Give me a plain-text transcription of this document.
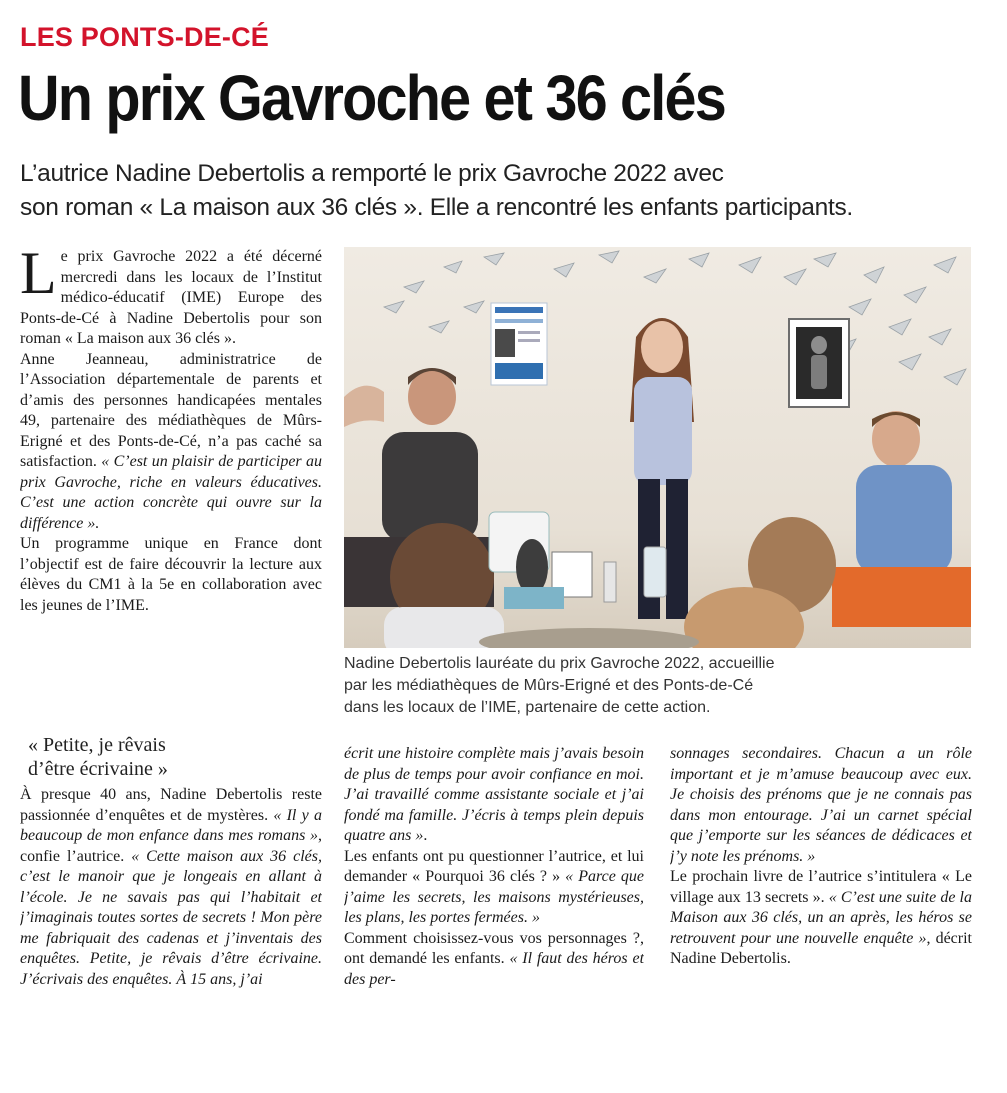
LES PONTS-DE-CÉ
Un prix Gavroche et 36 clés
L’autrice Nadine Debertolis a remporté le prix Gavroche 2022 avec
son roman « La maison aux 36 clés ». Elle a rencontré les enfants participants.
L e prix Gavroche 2022 a été décerné mercredi dans les locaux de l’Institut médico-éducatif (IME) Europe des Ponts-de-Cé à Nadine Debertolis pour son roman « La maison aux 36 clés ».

Anne Jeanneau, administratrice de l’Association départementale de parents et d’amis des personnes handicapées mentales 49, partenaire des médiathèques de Mûrs-Erigné et des Ponts-de-Cé, n’a pas caché sa satisfaction. « C’est un plaisir de participer au prix Gavroche, riche en valeurs éducatives. C’est une action concrète qui ouvre sur la différence ».

Un programme unique en France dont l’objectif est de faire découvrir la lecture aux élèves du CM1 à la 5e en collaboration avec les jeunes de l’IME.

Nadine Debertolis lauréate du prix Gavroche 2022, accueillie
par les médiathèques de Mûrs-Erigné et des Ponts-de-Cé
dans les locaux de l’IME, partenaire de cette action.
« Petite, je rêvais
d’être écrivaine »

À presque 40 ans, Nadine Debertolis reste passionnée d’enquêtes et de mystères. « Il y a beaucoup de mon enfance dans mes romans », confie l’autrice. « Cette maison aux 36 clés, c’est le manoir que je longeais en allant à l’école. Je ne savais pas qui l’habitait et j’imaginais toutes sortes de secrets ! Mon père me fabriquait des cadenas et j’inventais des enquêtes. Petite, je rêvais d’être écrivaine. J’écrivais des enquêtes. À 15 ans, j’ai

écrit une histoire complète mais j’avais besoin de plus de temps pour avoir confiance en moi. J’ai travaillé comme assistante sociale et j’ai fondé ma famille. J’écris à temps plein depuis quatre ans ».

Les enfants ont pu questionner l’autrice, et lui demander « Pourquoi 36 clés ? » « Parce que j’aime les secrets, les maisons mystérieuses, les plans, les portes fermées. »

Comment choisissez-vous vos personnages ?, ont demandé les enfants. « Il faut des héros et des per-

sonnages secondaires. Chacun a un rôle important et je m’amuse beaucoup avec eux. Je choisis des prénoms que je ne connais pas dans mon entourage. J’ai un carnet spécial que j’emporte sur les séances de dédicaces et j’y note les prénoms. »

Le prochain livre de l’autrice s’intitulera « Le village aux 13 secrets ». « C’est une suite de la Maison aux 36 clés, un an après, les héros se retrouvent pour une nouvelle enquête », décrit Nadine Debertolis.
